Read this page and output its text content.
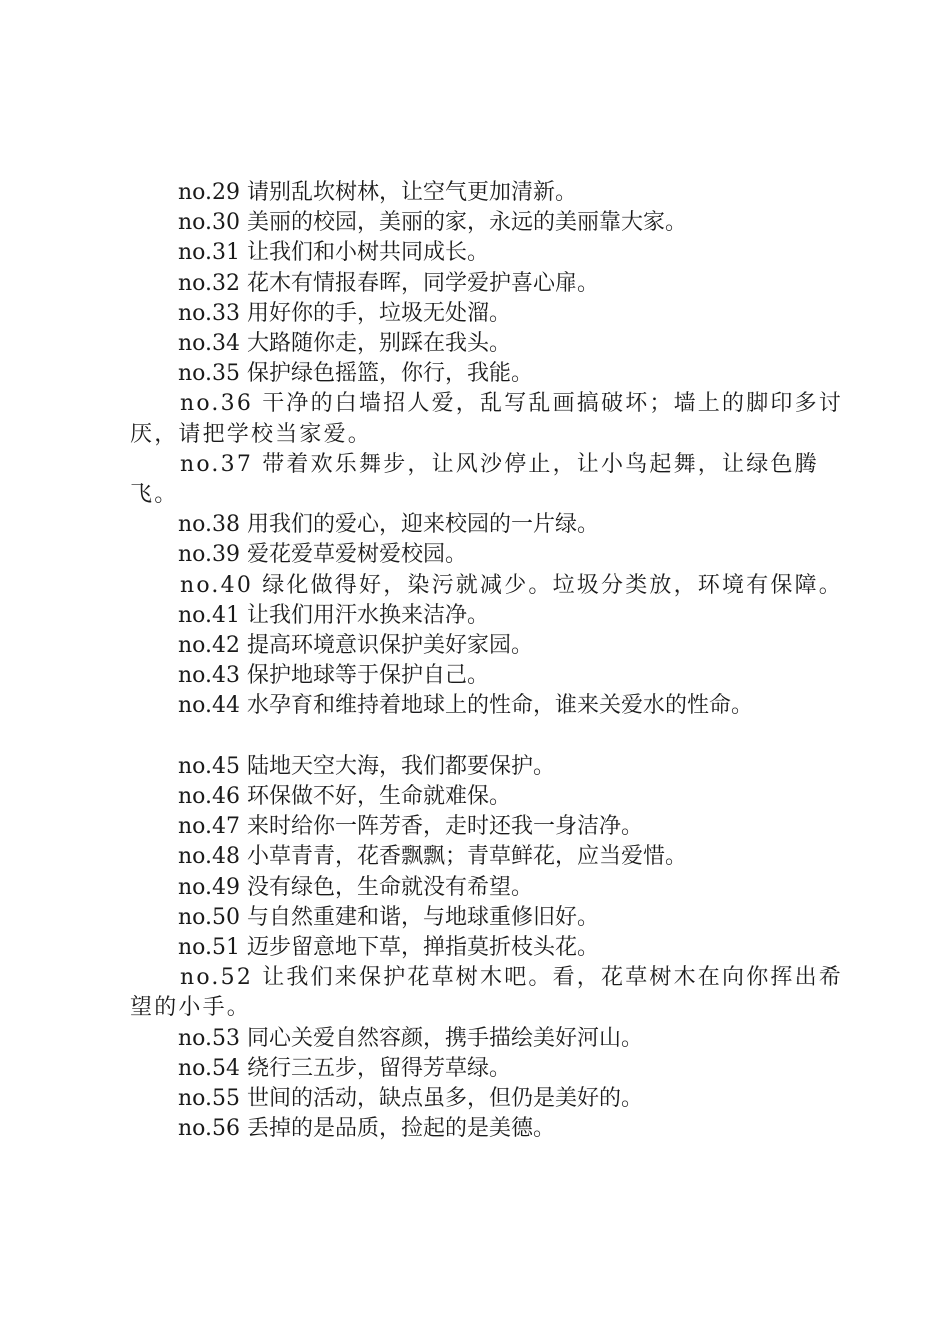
no.29 请别乱坎树林，让空气更加清新。

no.30 美丽的校园，美丽的家，永远的美丽靠大家。

no.31 让我们和小树共同成长。

no.32 花木有情报春晖，同学爱护喜心扉。

no.33 用好你的手，垃圾无处溜。

no.34 大路随你走，别踩在我头。

no.35 保护绿色摇篮，你行，我能。

no.36 干净的白墙招人爱，乱写乱画搞破坏；墙上的脚印多讨厌，请把学校当家爱。

no.37 带着欢乐舞步，让风沙停止，让小鸟起舞，让绿色腾飞。

no.38 用我们的爱心，迎来校园的一片绿。

no.39 爱花爱草爱树爱校园。

no.40 绿化做得好，染污就减少。垃圾分类放，环境有保障。

no.41 让我们用汗水换来洁净。

no.42 提高环境意识保护美好家园。

no.43 保护地球等于保护自己。

no.44 水孕育和维持着地球上的性命，谁来关爱水的性命。

no.45 陆地天空大海，我们都要保护。

no.46 环保做不好，生命就难保。

no.47 来时给你一阵芳香，走时还我一身洁净。

no.48 小草青青，花香飘飘；青草鲜花，应当爱惜。

no.49 没有绿色，生命就没有希望。

no.50 与自然重建和谐，与地球重修旧好。

no.51 迈步留意地下草，掸指莫折枝头花。

no.52 让我们来保护花草树木吧。看，花草树木在向你挥出希望的小手。

no.53 同心关爱自然容颜，携手描绘美好河山。

no.54 绕行三五步，留得芳草绿。

no.55 世间的活动，缺点虽多，但仍是美好的。

no.56 丢掉的是品质，捡起的是美德。
